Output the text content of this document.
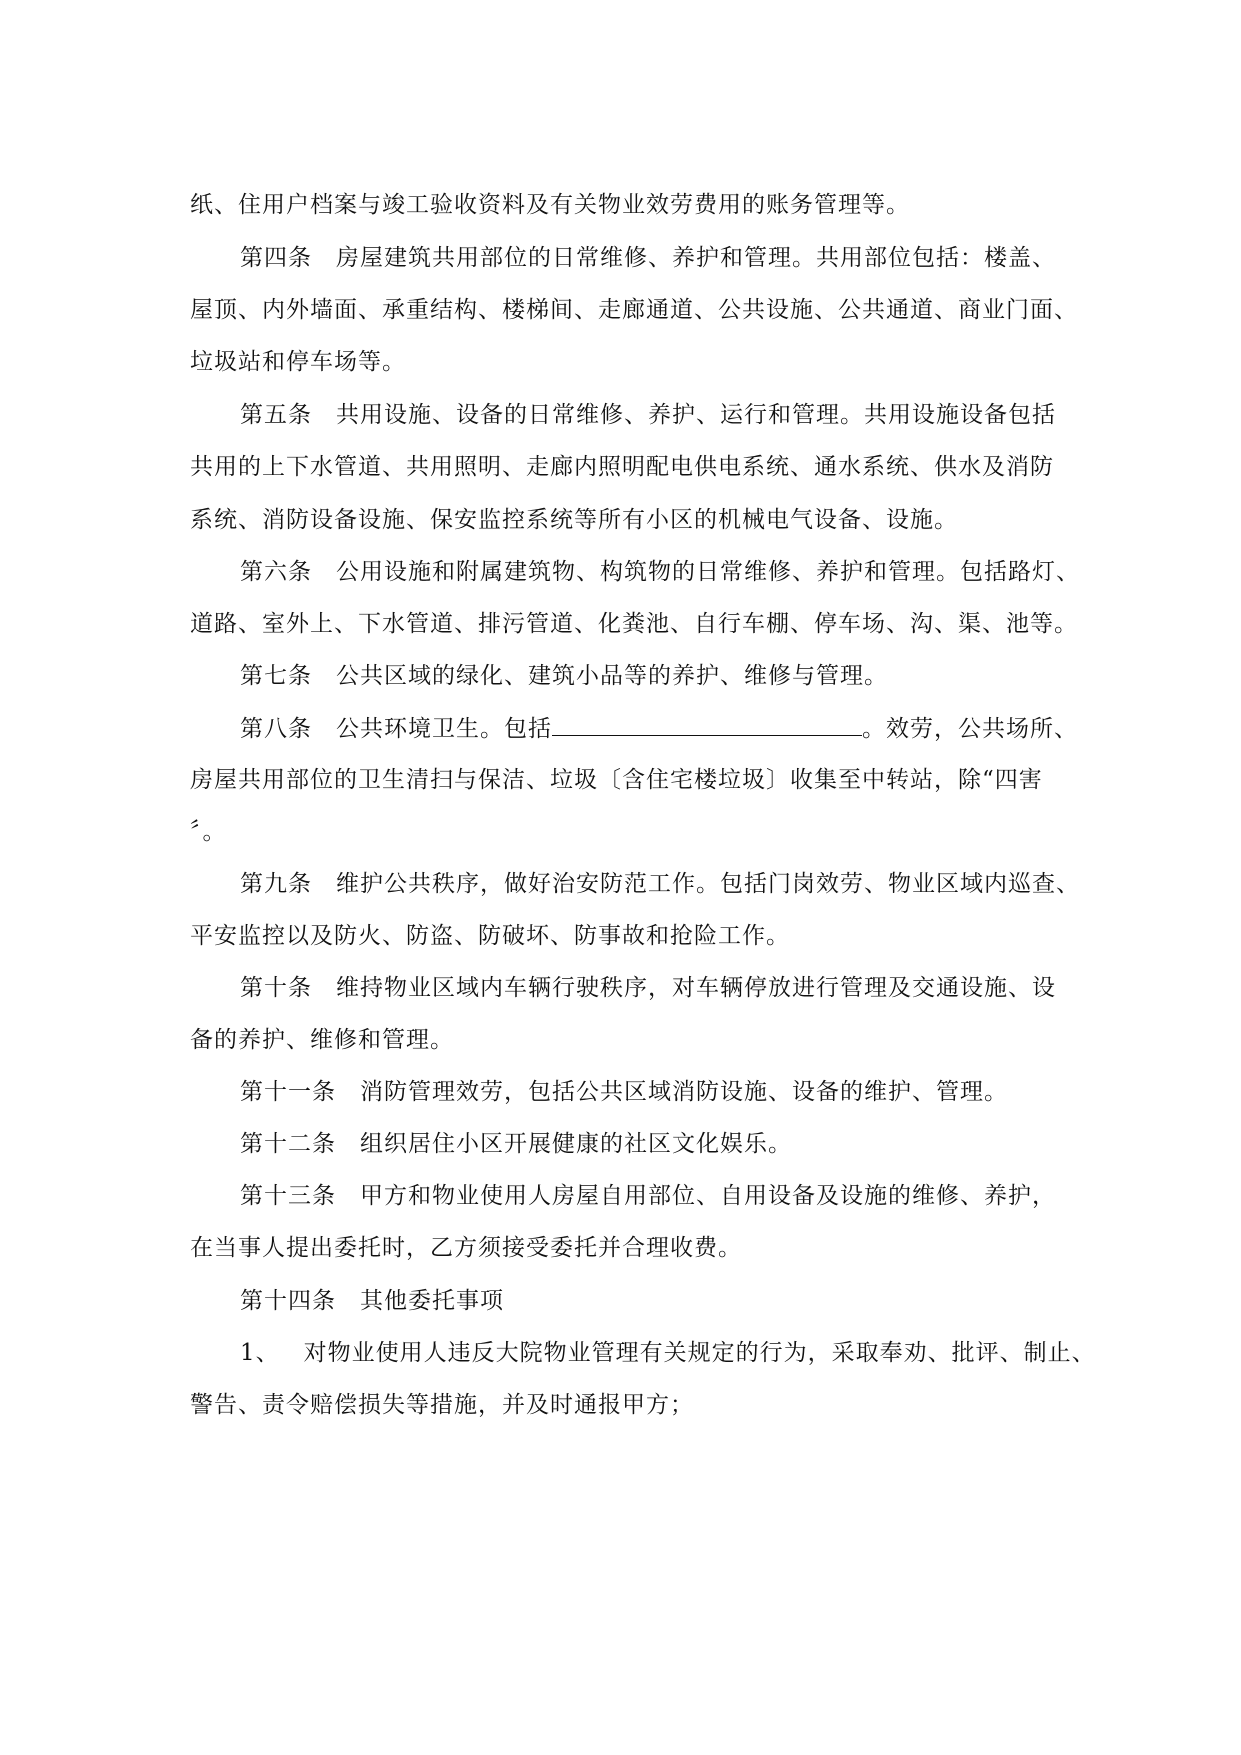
纸、住用户档案与竣工验收资料及有关物业效劳费用的账务管理等。
第四条 房屋建筑共用部位的日常维修、养护和管理。共用部位包括：楼盖、
屋顶、内外墙面、承重结构、楼梯间、走廊通道、公共设施、公共通道、商业门面、
垃圾站和停车场等。
第五条 共用设施、设备的日常维修、养护、运行和管理。共用设施设备包括
共用的上下水管道、共用照明、走廊内照明配电供电系统、通水系统、供水及消防
系统、消防设备设施、保安监控系统等所有小区的机械电气设备、设施。
第六条 公用设施和附属建筑物、构筑物的日常维修、养护和管理。包括路灯、
道路、室外上、下水管道、排污管道、化粪池、自行车棚、停车场、沟、渠、池等。
第七条 公共区域的绿化、建筑小品等的养护、维修与管理。
第八条 公共环境卫生。包括	。效劳，公共场所、
房屋共用部位的卫生清扫与保洁、垃圾〔含住宅楼垃圾〕收集至中转站，除“四害
〞。
第九条 维护公共秩序，做好治安防范工作。包括门岗效劳、物业区域内巡查、
平安监控以及防火、防盗、防破坏、防事故和抢险工作。
第十条 维持物业区域内车辆行驶秩序，对车辆停放进行管理及交通设施、设
备的养护、维修和管理。
第十一条 消防管理效劳，包括公共区域消防设施、设备的维护、管理。
第十二条 组织居住小区开展健康的社区文化娱乐。
第十三条 甲方和物业使用人房屋自用部位、自用设备及设施的维修、养护，
在当事人提出委托时，乙方须接受委托并合理收费。
第十四条 其他委托事项
1、 对物业使用人违反大院物业管理有关规定的行为，采取奉劝、批评、制止、
警告、责令赔偿损失等措施，并及时通报甲方；
